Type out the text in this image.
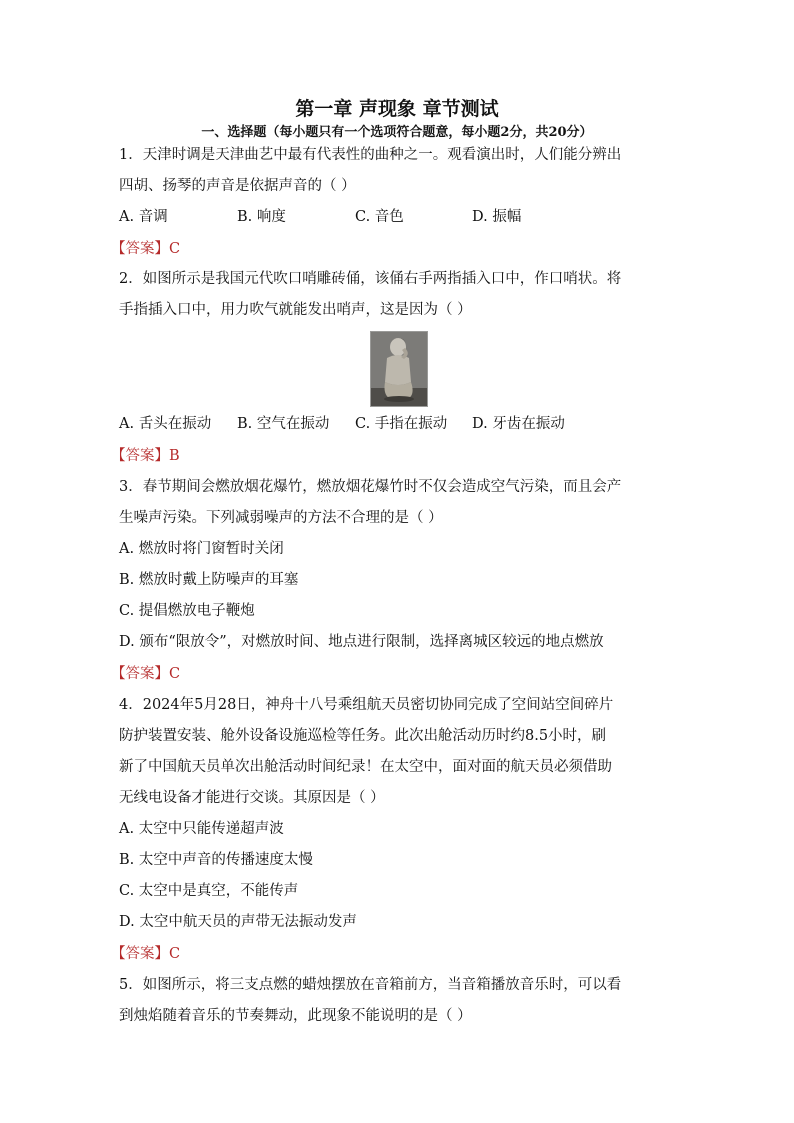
第一章 声现象 章节测试
一、选择题（每小题只有一个选项符合题意，每小题2分，共20分）
1．天津时调是天津曲艺中最有代表性的曲种之一。观看演出时，人们能分辨出
四胡、扬琴的声音是依据声音的（ ）
A. 音调	B. 响度	C. 音色	D. 振幅
【答案】C
2．如图所示是我国元代吹口哨雕砖俑，该俑右手两指插入口中，作口哨状。将
手指插入口中，用力吹气就能发出哨声，这是因为（ ）
A. 舌头在振动 B. 空气在振动 C. 手指在振动 D. 牙齿在振动
【答案】B
3．春节期间会燃放烟花爆竹，燃放烟花爆竹时不仅会造成空气污染，而且会产
生噪声污染。下列减弱噪声的方法不合理的是（ ）
A. 燃放时将门窗暂时关闭
B. 燃放时戴上防噪声的耳塞
C. 提倡燃放电子鞭炮
D. 颁布“限放令”，对燃放时间、地点进行限制，选择离城区较远的地点燃放
【答案】C
4．2024年5月28日，神舟十八号乘组航天员密切协同完成了空间站空间碎片
防护装置安装、舱外设备设施巡检等任务。此次出舱活动历时约8.5小时，刷
新了中国航天员单次出舱活动时间纪录！在太空中，面对面的航天员必须借助
无线电设备才能进行交谈。其原因是（ ）
A. 太空中只能传递超声波
B. 太空中声音的传播速度太慢
C. 太空中是真空，不能传声
D. 太空中航天员的声带无法振动发声
【答案】C
5．如图所示，将三支点燃的蜡烛摆放在音箱前方，当音箱播放音乐时，可以看
到烛焰随着音乐的节奏舞动，此现象不能说明的是（ ）
